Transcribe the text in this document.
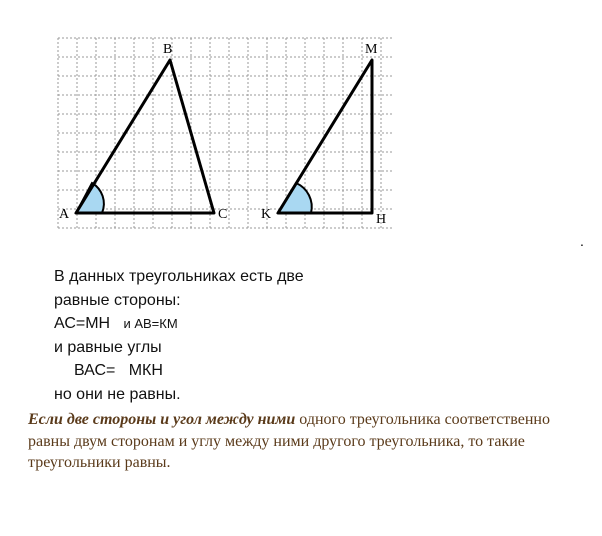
A
B
C K
M
H
.
В данных треугольниках есть две
равные стороны:
АС=МН и АВ=КМ
и равные углы
ВАС=   МКН
но они не равны.
Если две стороны и угол между ними одного треугольника соответственно равны двум сторонам и углу между ними другого треугольника, то такие треугольники равны.
